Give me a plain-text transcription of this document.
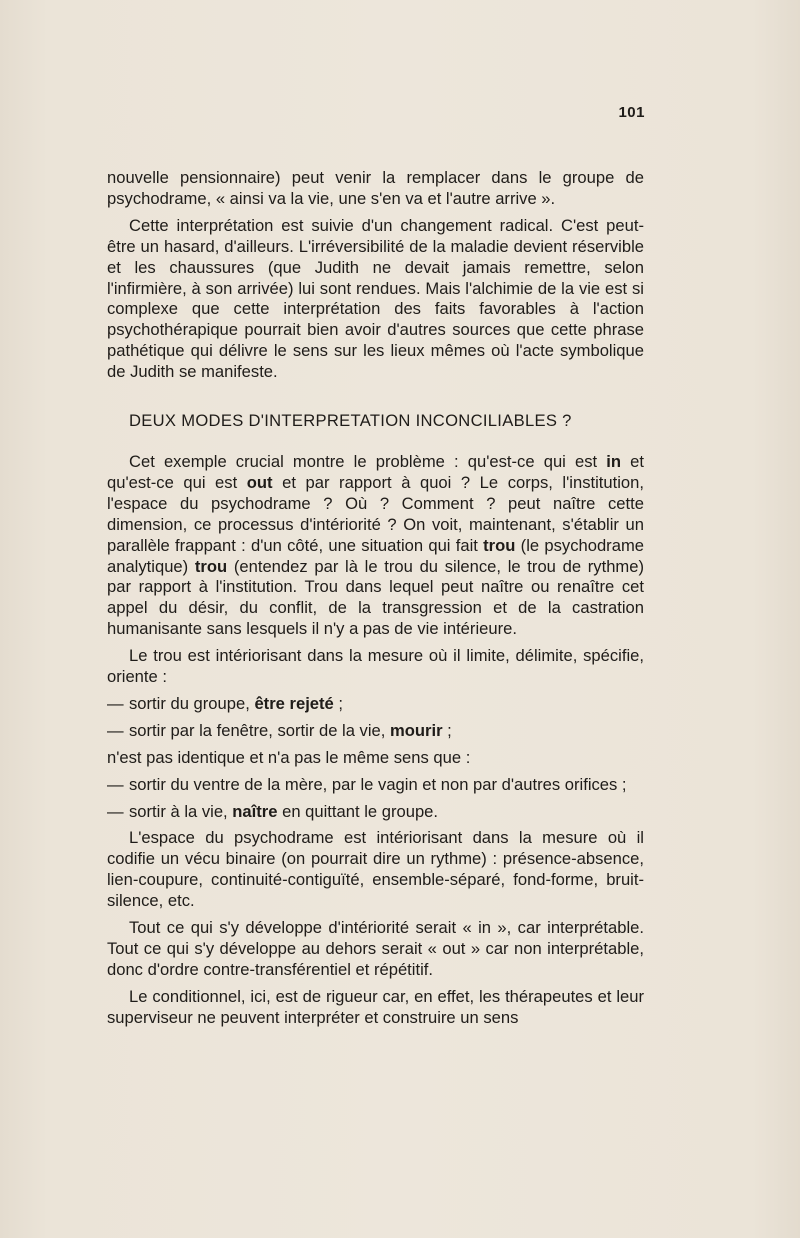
101

nouvelle pensionnaire) peut venir la remplacer dans le groupe de psychodrame, « ainsi va la vie, une s'en va et l'autre arrive ».

Cette interprétation est suivie d'un changement radical. C'est peut-être un hasard, d'ailleurs. L'irréversibilité de la maladie devient réservible et les chaussures (que Judith ne devait jamais remettre, selon l'infirmière, à son arrivée) lui sont rendues. Mais l'alchimie de la vie est si complexe que cette interprétation des faits favorables à l'action psychothérapique pourrait bien avoir d'autres sources que cette phrase pathétique qui délivre le sens sur les lieux mêmes où l'acte symbolique de Judith se manifeste.

DEUX MODES D'INTERPRETATION INCONCILIABLES ?

Cet exemple crucial montre le problème : qu'est-ce qui est in et qu'est-ce qui est out et par rapport à quoi ? Le corps, l'institution, l'espace du psychodrame ? Où ? Comment ? peut naître cette dimension, ce processus d'intériorité ? On voit, maintenant, s'établir un parallèle frappant : d'un côté, une situation qui fait trou (le psychodrame analytique) trou (entendez par là le trou du silence, le trou de rythme) par rapport à l'institution. Trou dans lequel peut naître ou renaître cet appel du désir, du conflit, de la transgression et de la castration humanisante sans lesquels il n'y a pas de vie intérieure.

Le trou est intériorisant dans la mesure où il limite, délimite, spécifie, oriente :

— sortir du groupe, être rejeté ;
— sortir par la fenêtre, sortir de la vie, mourir ;
n'est pas identique et n'a pas le même sens que :
— sortir du ventre de la mère, par le vagin et non par d'autres orifices ;
— sortir à la vie, naître en quittant le groupe.

L'espace du psychodrame est intériorisant dans la mesure où il codifie un vécu binaire (on pourrait dire un rythme) : présence-absence, lien-coupure, continuité-contiguïté, ensemble-séparé, fond-forme, bruit-silence, etc.

Tout ce qui s'y développe d'intériorité serait « in », car interprétable. Tout ce qui s'y développe au dehors serait « out » car non interprétable, donc d'ordre contre-transférentiel et répétitif.

Le conditionnel, ici, est de rigueur car, en effet, les thérapeutes et leur superviseur ne peuvent interpréter et construire un sens
